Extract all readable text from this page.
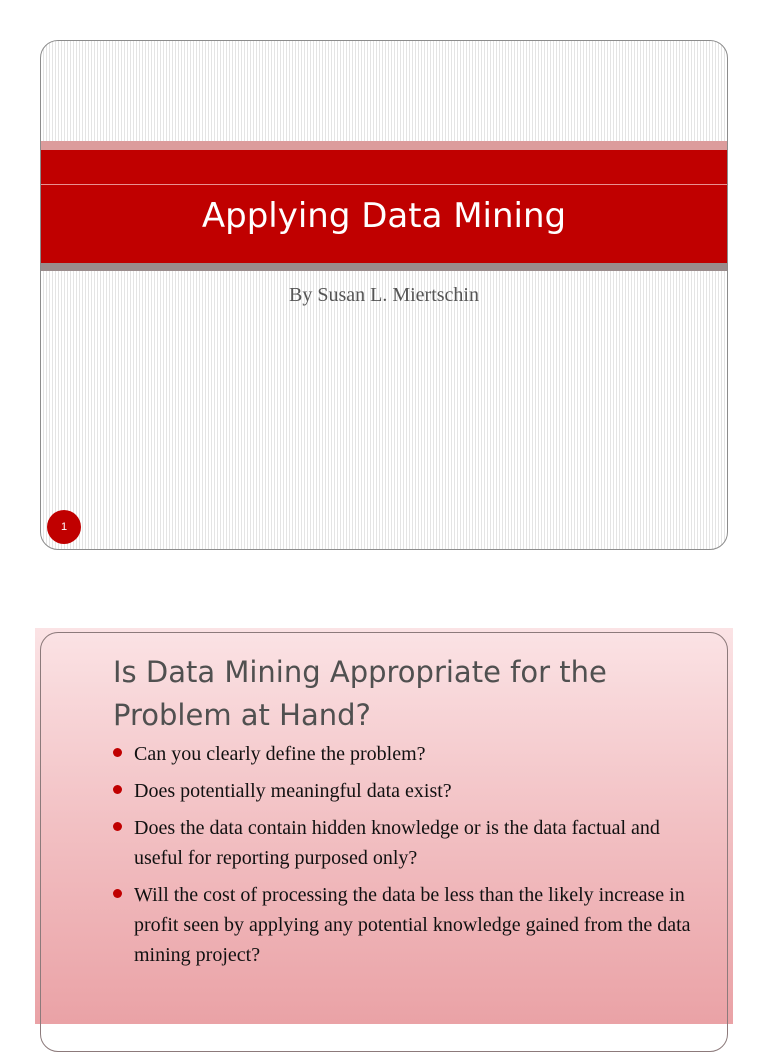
Applying Data Mining

By Susan L. Miertschin

1
Is Data Mining Appropriate for the Problem at Hand?
Can you clearly define the problem?
Does potentially meaningful data exist?
Does the data contain hidden knowledge or is the data factual and useful for reporting purposed only?
Will the cost of processing the data be less than the likely increase in profit seen by applying any potential knowledge gained from the data mining project?
